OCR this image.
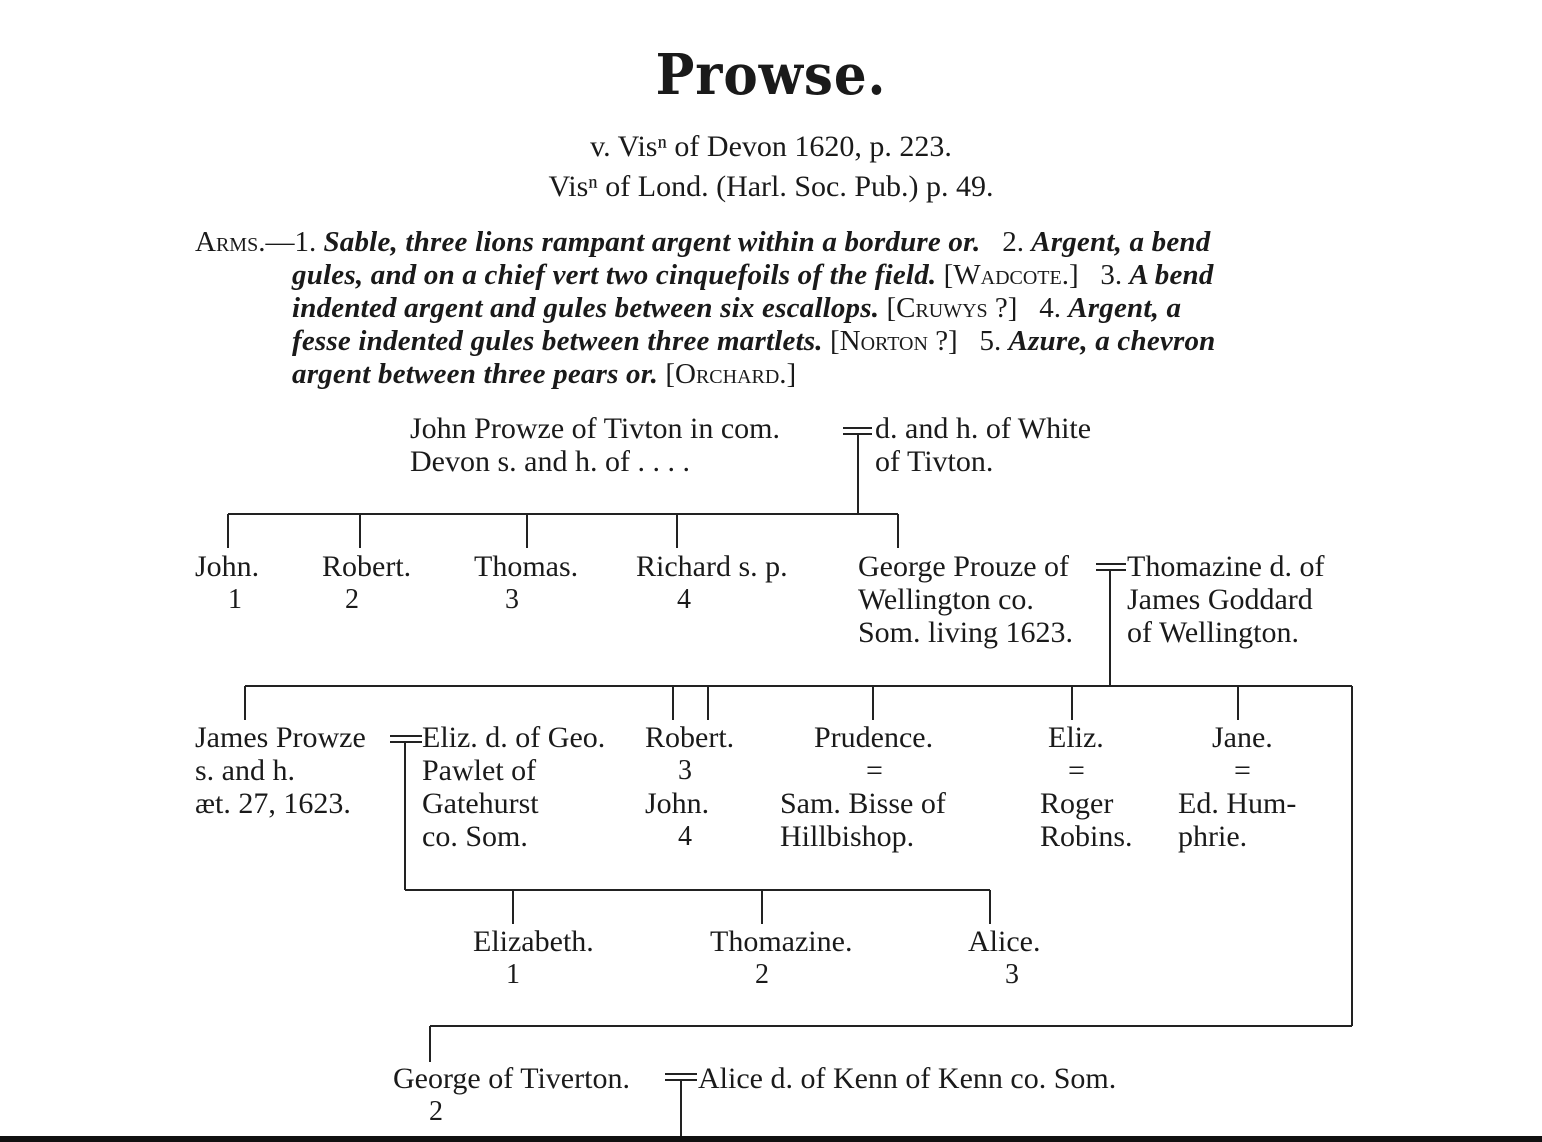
Prowse.
v. Visⁿ of Devon 1620, p. 223.
Visⁿ of Lond. (Harl. Soc. Pub.) p. 49.
Arms.—1. Sable, three lions rampant argent within a bordure or.   2. Argent, a bend
gules, and on a chief vert two cinquefoils of the field. [Wadcote.]   3. A bend
indented argent and gules between six escallops. [Cruwys ?]   4. Argent, a
fesse indented gules between three martlets. [Norton ?]   5. Azure, a chevron
argent between three pears or. [Orchard.]
John Prowze of Tivton in com.
Devon s. and h. of . . . .
d. and h. of White
of Tivton.
John.
1
Robert.
2
Thomas.
3
Richard s. p.
4
George Prouze of
Wellington co.
Som. living 1623.
Thomazine d. of
James Goddard
of Wellington.
James Prowze
s. and h.
æt. 27, 1623.
Eliz. d. of Geo.
Pawlet of
Gatehurst
co. Som.
Robert.
3
John.
4
Prudence.
=
Sam. Bisse of
Hillbishop.
Eliz.
=
Roger
Robins.
Jane.
=
Ed. Hum-
phrie.
Elizabeth.
1
Thomazine.
2
Alice.
3
George of Tiverton.
2
Alice d. of Kenn of Kenn co. Som.
